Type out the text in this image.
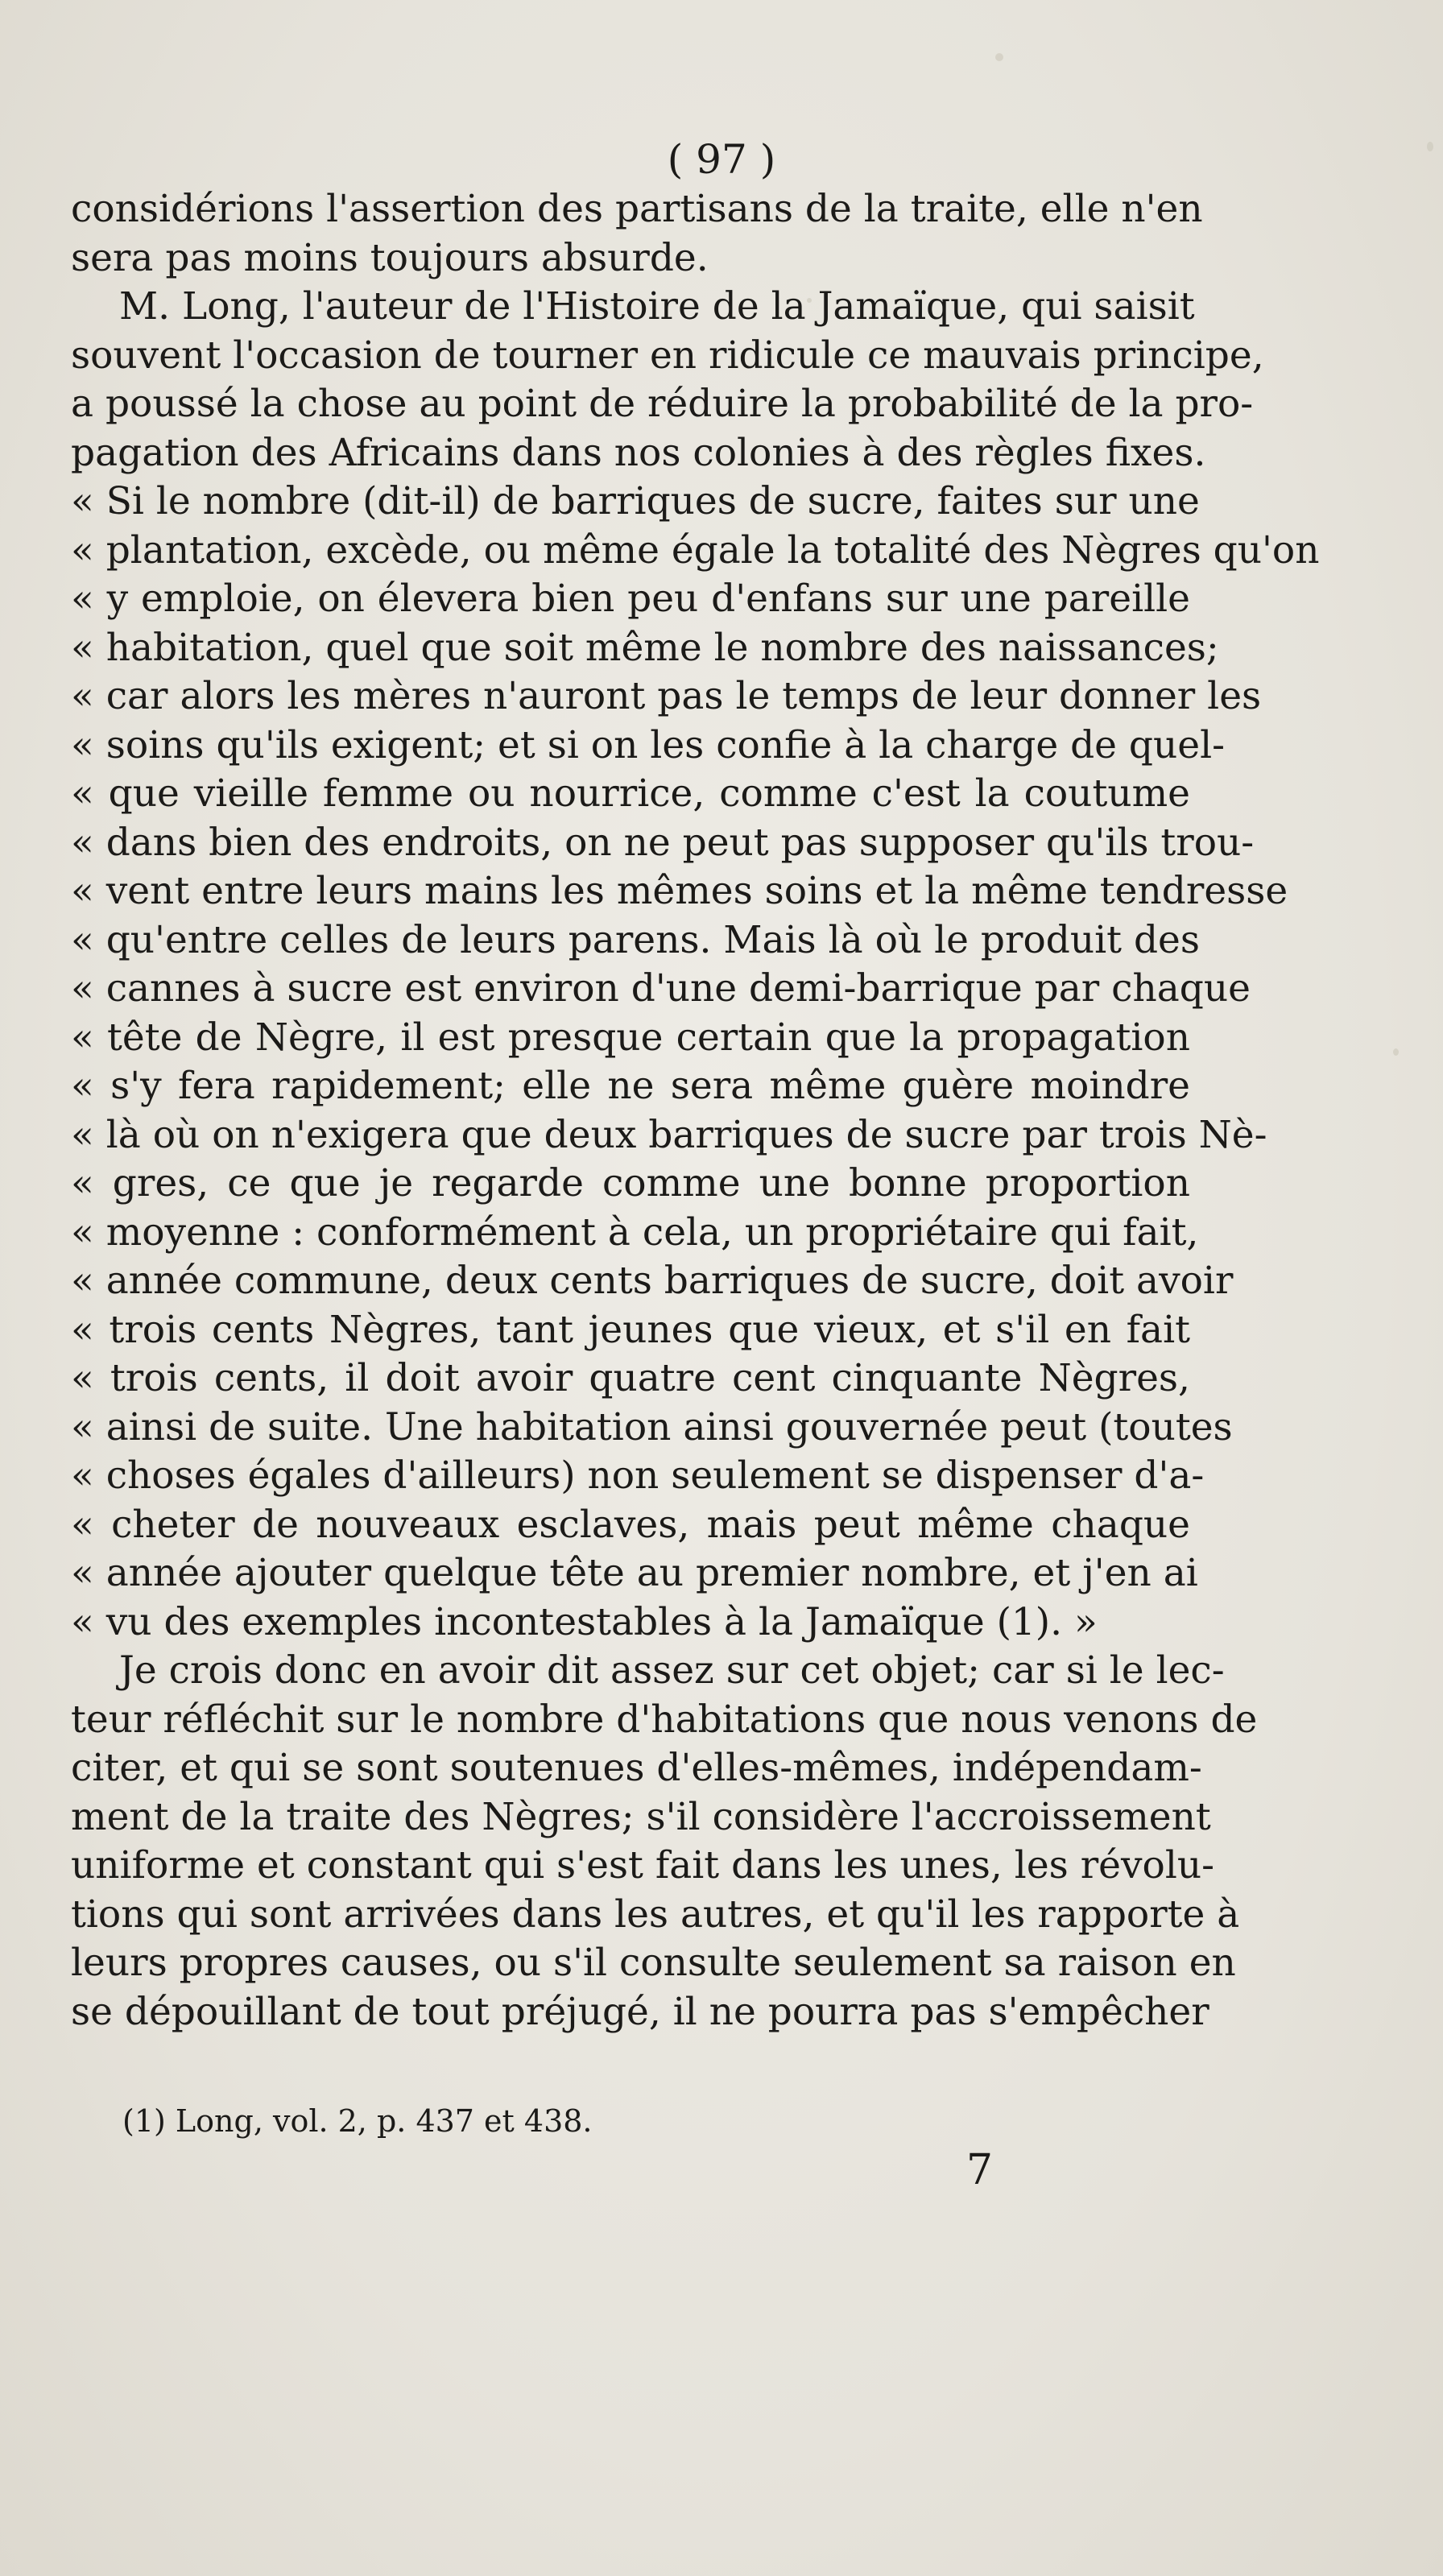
( 97 )
considérions l'assertion des partisans de la traite, elle n'en
sera pas moins toujours absurde.
M. Long, l'auteur de l'Histoire de la Jamaïque, qui saisit
souvent l'occasion de tourner en ridicule ce mauvais principe,
a poussé la chose au point de réduire la probabilité de la pro-
pagation des Africains dans nos colonies à des règles fixes.
« Si le nombre (dit-il) de barriques de sucre, faites sur une
« plantation, excède, ou même égale la totalité des Nègres qu'on
« y emploie, on élevera bien peu d'enfans sur une pareille
« habitation, quel que soit même le nombre des naissances;
« car alors les mères n'auront pas le temps de leur donner les
« soins qu'ils exigent; et si on les confie à la charge de quel-
« que vieille femme ou nourrice, comme c'est la coutume
« dans bien des endroits, on ne peut pas supposer qu'ils trou-
« vent entre leurs mains les mêmes soins et la même tendresse
« qu'entre celles de leurs parens. Mais là où le produit des
« cannes à sucre est environ d'une demi-barrique par chaque
« tête de Nègre, il est presque certain que la propagation
« s'y fera rapidement; elle ne sera même guère moindre
« là où on n'exigera que deux barriques de sucre par trois Nè-
« gres, ce que je regarde comme une bonne proportion
« moyenne : conformément à cela, un propriétaire qui fait,
« année commune, deux cents barriques de sucre, doit avoir
« trois cents Nègres, tant jeunes que vieux, et s'il en fait
« trois cents, il doit avoir quatre cent cinquante Nègres,
« ainsi de suite. Une habitation ainsi gouvernée peut (toutes
« choses égales d'ailleurs) non seulement se dispenser d'a-
« cheter de nouveaux esclaves, mais peut même chaque
« année ajouter quelque tête au premier nombre, et j'en ai
« vu des exemples incontestables à la Jamaïque (1). »
Je crois donc en avoir dit assez sur cet objet; car si le lec-
teur réfléchit sur le nombre d'habitations que nous venons de
citer, et qui se sont soutenues d'elles-mêmes, indépendam-
ment de la traite des Nègres; s'il considère l'accroissement
uniforme et constant qui s'est fait dans les unes, les révolu-
tions qui sont arrivées dans les autres, et qu'il les rapporte à
leurs propres causes, ou s'il consulte seulement sa raison en
se dépouillant de tout préjugé, il ne pourra pas s'empêcher
(1) Long, vol. 2, p. 437 et 438.
7
